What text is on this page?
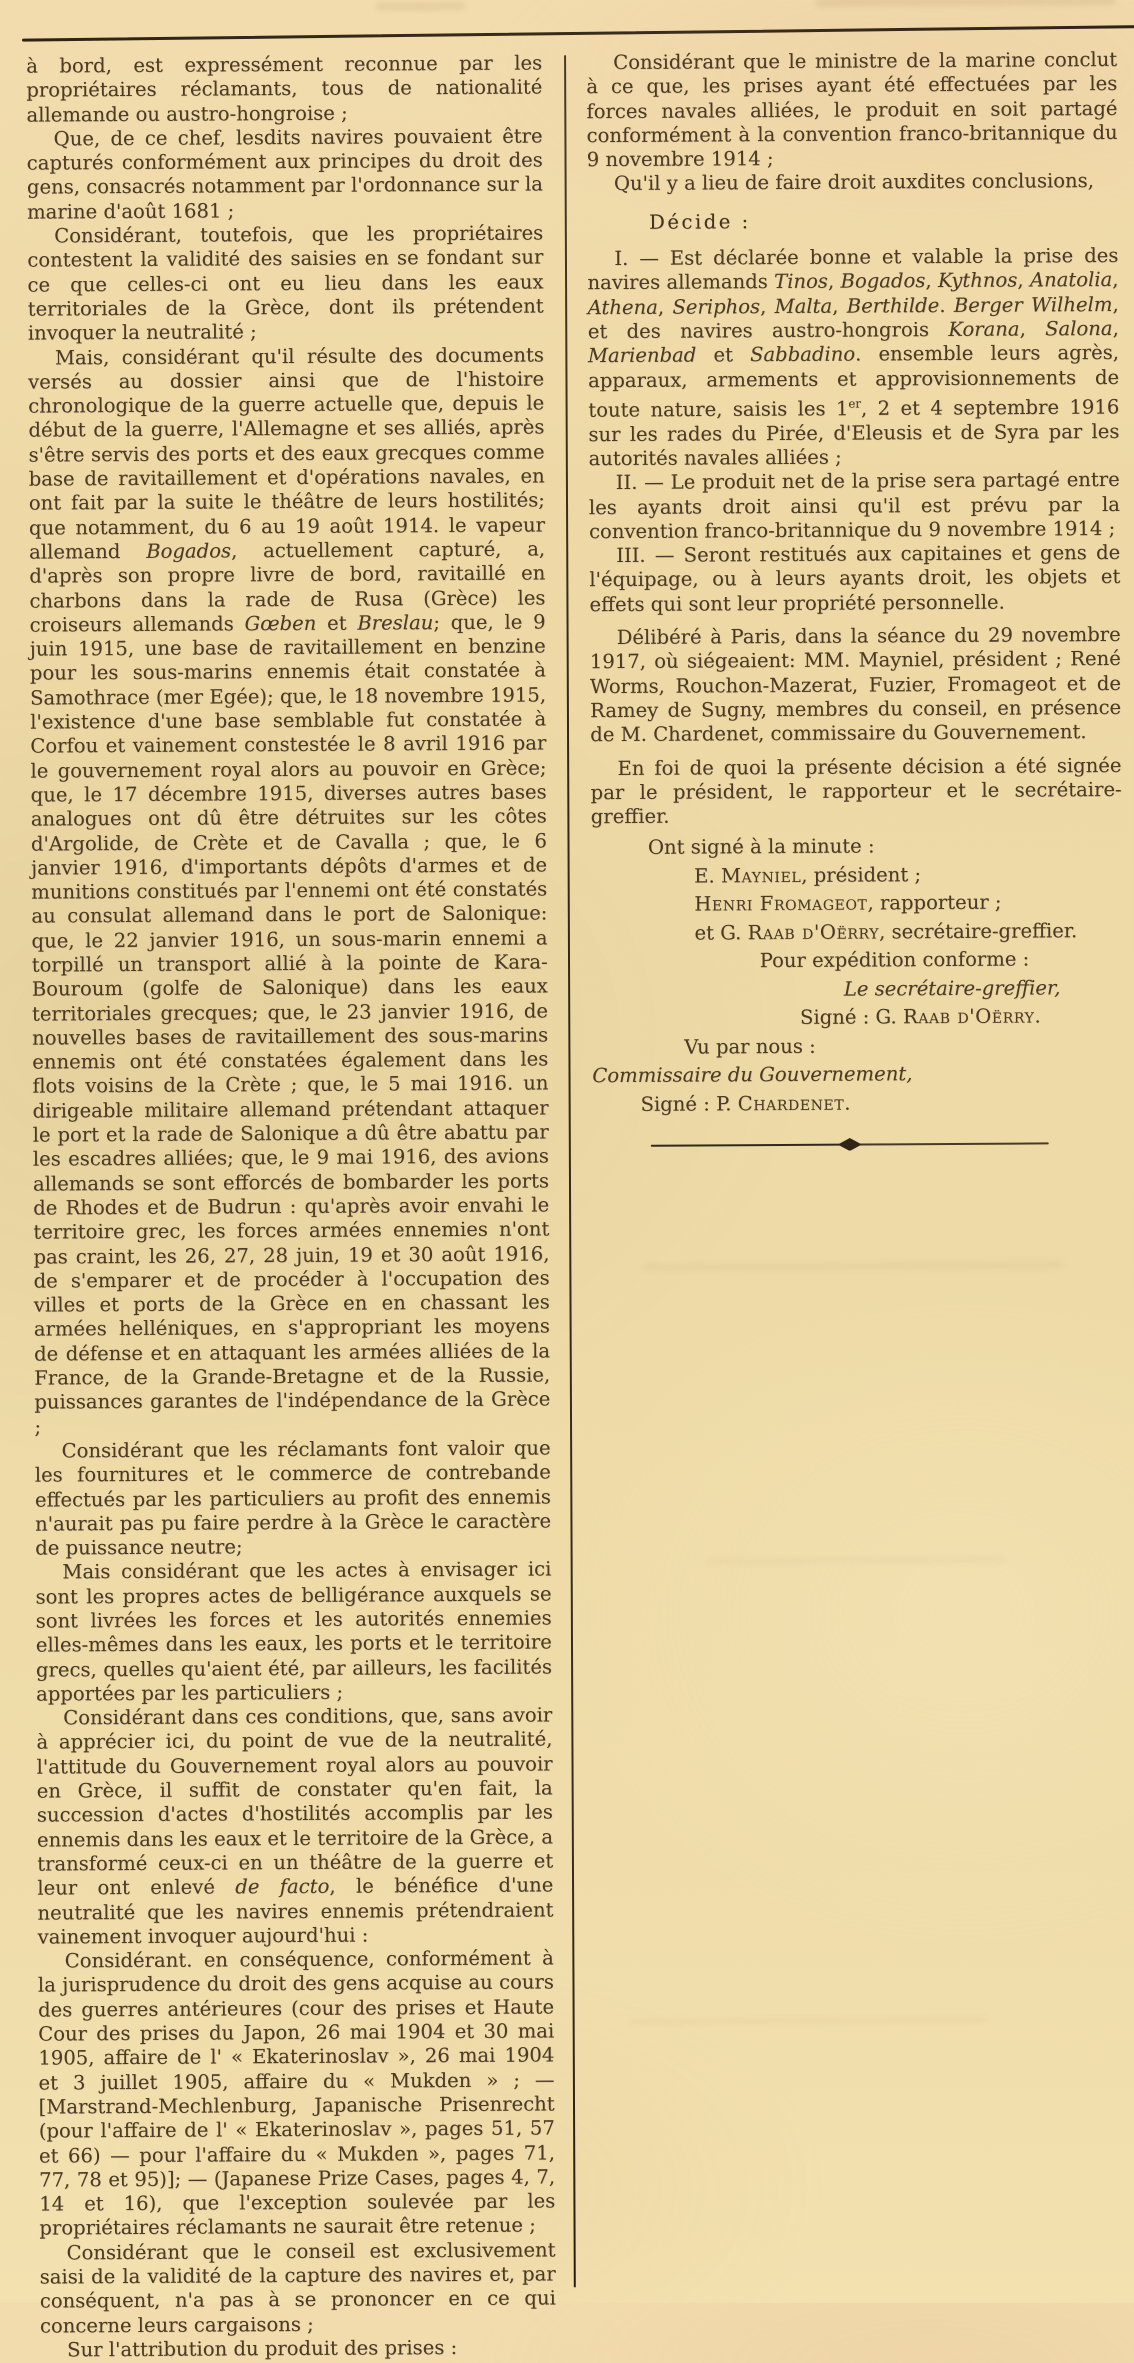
à bord, est expressément reconnue par les propriétaires réclamants, tous de nationalité allemande ou austro-hongroise ;

Que, de ce chef, lesdits navires pouvaient être capturés conformément aux principes du droit des gens, consacrés notamment par l'ordonnance sur la marine d'août 1681 ;

Considérant, toutefois, que les propriétaires contestent la validité des saisies en se fondant sur ce que celles-ci ont eu lieu dans les eaux territoriales de la Grèce, dont ils prétendent invoquer la neutralité ;

Mais, considérant qu'il résulte des documents versés au dossier ainsi que de l'histoire chronologique de la guerre actuelle que, depuis le début de la guerre, l'Allemagne et ses alliés, après s'être servis des ports et des eaux grecques comme base de ravitaillement et d'opérations navales, en ont fait par la suite le théâtre de leurs hostilités; que notamment, du 6 au 19 août 1914. le vapeur allemand Bogados, actuellement capturé, a, d'après son propre livre de bord, ravitaillé en charbons dans la rade de Rusa (Grèce) les croiseurs allemands Gœben et Breslau; que, le 9 juin 1915, une base de ravitaillement en benzine pour les sous-marins ennemis était constatée à Samothrace (mer Egée); que, le 18 novembre 1915, l'existence d'une base semblable fut constatée à Corfou et vainement constestée le 8 avril 1916 par le gouvernement royal alors au pouvoir en Grèce; que, le 17 décembre 1915, diverses autres bases analogues ont dû être détruites sur les côtes d'Argolide, de Crète et de Cavalla ; que, le 6 janvier 1916, d'importants dépôts d'armes et de munitions constitués par l'ennemi ont été constatés au consulat allemand dans le port de Salonique: que, le 22 janvier 1916, un sous-marin ennemi a torpillé un transport allié à la pointe de Kara-Bouroum (golfe de Salonique) dans les eaux territoriales grecques; que, le 23 janvier 1916, de nouvelles bases de ravitaillement des sous-marins ennemis ont été constatées également dans les flots voisins de la Crète ; que, le 5 mai 1916. un dirigeable militaire allemand prétendant attaquer le port et la rade de Salonique a dû être abattu par les escadres alliées; que, le 9 mai 1916, des avions allemands se sont efforcés de bombarder les ports de Rhodes et de Budrun : qu'après avoir envahi le territoire grec, les forces armées ennemies n'ont pas craint, les 26, 27, 28 juin, 19 et 30 août 1916, de s'emparer et de procéder à l'occupation des villes et ports de la Grèce en en chassant les armées helléniques, en s'appropriant les moyens de défense et en attaquant les armées alliées de la France, de la Grande-Bretagne et de la Russie, puissances garantes de l'indépendance de la Grèce ;

Considérant que les réclamants font valoir que les fournitures et le commerce de contrebande effectués par les particuliers au profit des ennemis n'aurait pas pu faire perdre à la Grèce le caractère de puissance neutre;

Mais considérant que les actes à envisager ici sont les propres actes de belligérance auxquels se sont livrées les forces et les autorités ennemies elles-mêmes dans les eaux, les ports et le territoire grecs, quelles qu'aient été, par ailleurs, les facilités apportées par les particuliers ;

Considérant dans ces conditions, que, sans avoir à apprécier ici, du point de vue de la neutralité, l'attitude du Gouvernement royal alors au pouvoir en Grèce, il suffit de constater qu'en fait, la succession d'actes d'hostilités accomplis par les ennemis dans les eaux et le territoire de la Grèce, a transformé ceux-ci en un théâtre de la guerre et leur ont enlevé de facto, le bénéfice d'une neutralité que les navires ennemis prétendraient vainement invoquer aujourd'hui :

Considérant. en conséquence, conformément à la jurisprudence du droit des gens acquise au cours des guerres antérieures (cour des prises et Haute Cour des prises du Japon, 26 mai 1904 et 30 mai 1905, affaire de l' « Ekaterinoslav », 26 mai 1904 et 3 juillet 1905, affaire du « Mukden » ; — [Marstrand-Mechlenburg, Japanische Prisenrecht (pour l'affaire de l' « Ekaterinoslav », pages 51, 57 et 66) — pour l'affaire du « Mukden », pages 71, 77, 78 et 95)]; — (Japanese Prize Cases, pages 4, 7, 14 et 16), que l'exception soulevée par les propriétaires réclamants ne saurait être retenue ;

Considérant que le conseil est exclusivement saisi de la validité de la capture des navires et, par conséquent, n'a pas à se prononcer en ce qui concerne leurs cargaisons ;

Sur l'attribution du produit des prises :

Considérant que le ministre de la marine conclut à ce que, les prises ayant été effectuées par les forces navales alliées, le produit en soit partagé conformément à la convention franco-britannique du 9 novembre 1914 ;

Qu'il y a lieu de faire droit auxdites conclusions,

Décide :

I. — Est déclarée bonne et valable la prise des navires allemands Tinos, Bogados, Kythnos, Anatolia, Athena, Seriphos, Malta, Berthilde. Berger Wilhelm, et des navires austro-hongrois Korana, Salona, Marienbad et Sabbadino. ensemble leurs agrès, apparaux, armements et approvisionnements de toute nature, saisis les 1er, 2 et 4 septembre 1916 sur les rades du Pirée, d'Eleusis et de Syra par les autorités navales alliées ;

II. — Le produit net de la prise sera partagé entre les ayants droit ainsi qu'il est prévu par la convention franco-britannique du 9 novembre 1914 ;

III. — Seront restitués aux capitaines et gens de l'équipage, ou à leurs ayants droit, les objets et effets qui sont leur propriété personnelle.

Délibéré à Paris, dans la séance du 29 novembre 1917, où siégeaient: MM. Mayniel, président ; René Worms, Rouchon-Mazerat, Fuzier, Fromageot et de Ramey de Sugny, membres du conseil, en présence de M. Chardenet, commissaire du Gouvernement.

En foi de quoi la présente décision a été signée par le président, le rapporteur et le secrétaire-greffier.

Ont signé à la minute :

E. Mayniel, président ;

Henri Fromageot, rapporteur ;

et G. Raab d'Oërry, secrétaire-greffier.

Pour expédition conforme :

Le secrétaire-greffier,

Signé : G. Raab d'Oërry.

Vu par nous :

Commissaire du Gouvernement,

Signé : P. Chardenet.
